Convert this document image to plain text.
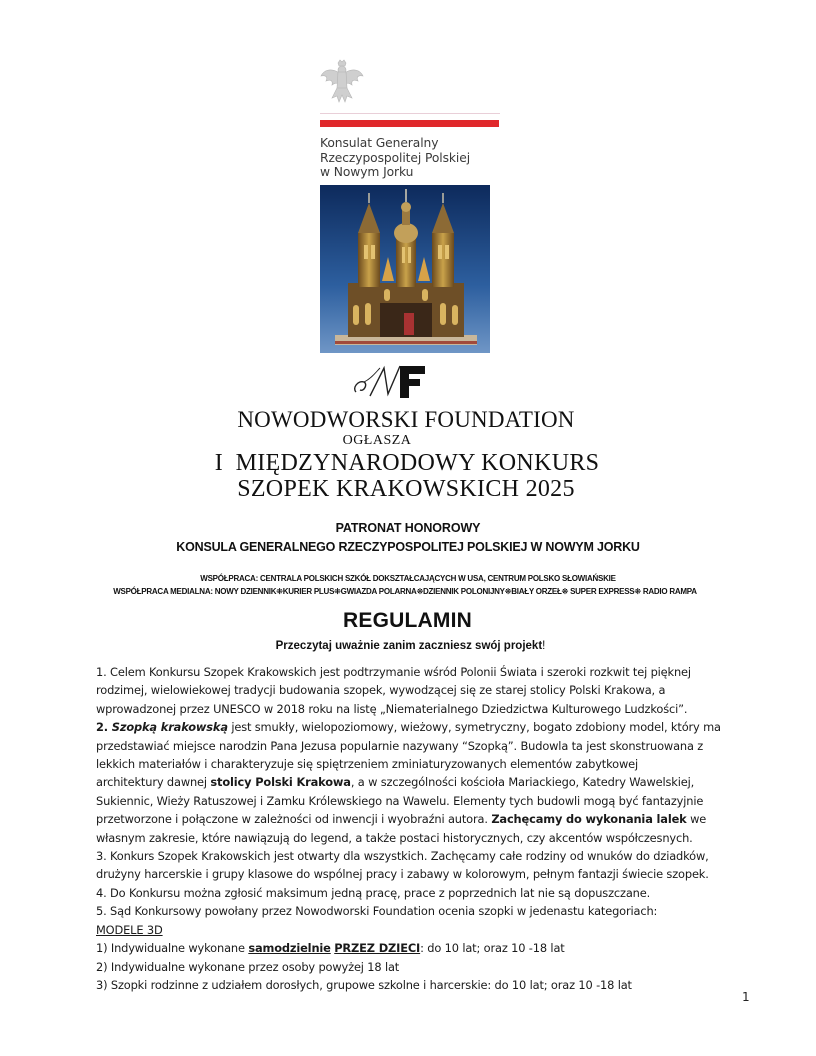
Konsulat Generalny
Rzeczypospolitej Polskiej
w Nowym Jorku
NOWODWORSKI FOUNDATION
OGŁASZA
I  MIĘDZYNARODOWY KONKURS
SZOPEK KRAKOWSKICH 2025
PATRONAT HONOROWY
KONSULA GENERALNEGO RZECZYPOSPOLITEJ POLSKIEJ W NOWYM JORKU
WSPÓŁPRACA: CENTRALA POLSKICH SZKÓŁ DOKSZTAŁCAJĄCYCH W USA, CENTRUM POLSKO SŁOWIAŃSKIE
WSPÓŁPRACA MEDIALNA: NOWY DZIENNIK⁜KURIER PLUS⁜GWIAZDA POLARNA⁜DZIENNIK POLONIJNY⁜BIAŁY ORZEŁ⁜ SUPER EXPRESS⁜ RADIO RAMPA
REGULAMIN
Przeczytaj uważnie zanim zaczniesz swój projekt!
1. Celem Konkursu Szopek Krakowskich jest podtrzymanie wśród Polonii Świata i szeroki rozkwit tej pięknej
rodzimej, wielowiekowej tradycji budowania szopek, wywodzącej się ze starej stolicy Polski Krakowa, a
wprowadzonej przez UNESCO w 2018 roku na listę „Niematerialnego Dziedzictwa Kulturowego Ludzkości”.
2. Szopką krakowską jest smukły, wielopoziomowy, wieżowy, symetryczny, bogato zdobiony model, który ma
przedstawiać miejsce narodzin Pana Jezusa popularnie nazywany “Szopką”. Budowla ta jest skonstruowana z
lekkich materiałów i charakteryzuje się spiętrzeniem zminiaturyzowanych elementów zabytkowej
architektury dawnej stolicy Polski Krakowa, a w szczególności kościoła Mariackiego, Katedry Wawelskiej,
Sukiennic, Wieży Ratuszowej i Zamku Królewskiego na Wawelu. Elementy tych budowli mogą być fantazyjnie
przetworzone i połączone w zależności od inwencji i wyobraźni autora. Zachęcamy do wykonania lalek we
własnym zakresie, które nawiązują do legend, a także postaci historycznych, czy akcentów współczesnych.
3. Konkurs Szopek Krakowskich jest otwarty dla wszystkich. Zachęcamy całe rodziny od wnuków do dziadków,
drużyny harcerskie i grupy klasowe do wspólnej pracy i zabawy w kolorowym, pełnym fantazji świecie szopek.
4. Do Konkursu można zgłosić maksimum jedną pracę, prace z poprzednich lat nie są dopuszczane.
5. Sąd Konkursowy powołany przez Nowodworski Foundation ocenia szopki w jedenastu kategoriach:
MODELE 3D
1) Indywidualne wykonane samodzielnie PRZEZ DZIECI: do 10 lat; oraz 10 -18 lat
2) Indywidualne wykonane przez osoby powyżej 18 lat
3) Szopki rodzinne z udziałem dorosłych, grupowe szkolne i harcerskie: do 10 lat; oraz 10 -18 lat
1
